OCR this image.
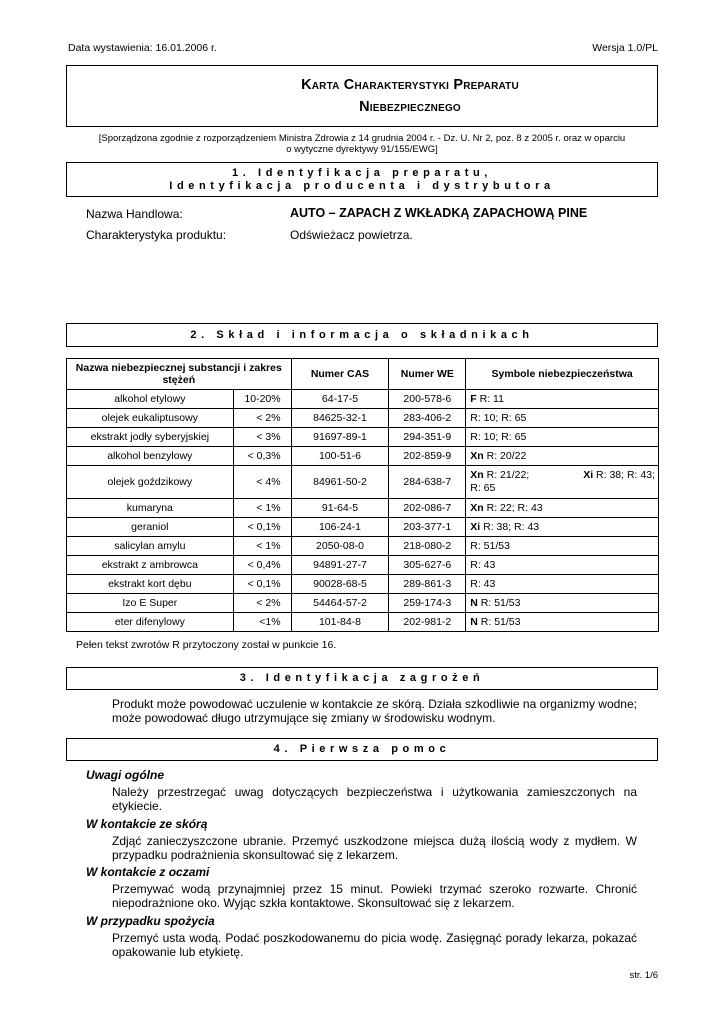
Data wystawienia: 16.01.2006 r.	Wersja 1.0/PL
Karta Charakterystyki Preparatu
Niebezpiecznego
[Sporządzona zgodnie z rozporządzeniem Ministra Zdrowia z 14 grudnia 2004 r. - Dz. U. Nr 2, poz. 8 z 2005 r. oraz w oparciu
o wytyczne dyrektywy 91/155/EWG]
1. Identyfikacja preparatu,
Identyfikacja producenta i dystrybutora
Nazwa Handlowa:	AUTO – ZAPACH Z WKŁADKĄ ZAPACHOWĄ PINE
Charakterystyka produktu:	Odświeżacz powietrza.
2. Skład i informacja o składnikach
Nazwa niebezpiecznej substancji i zakres stężeń		Numer CAS	Numer WE	Symbole niebezpieczeństwa
alkohol etylowy	10-20%	64-17-5	200-578-6	F R: 11
olejek eukaliptusowy	< 2%	84625-32-1	283-406-2	R: 10; R: 65
ekstrakt jodły syberyjskiej	< 3%	91697-89-1	294-351-9	R: 10; R: 65
alkohol benzylowy	< 0,3%	100-51-6	202-859-9	Xn R: 20/22
olejek goździkowy	< 4%	84961-50-2	284-638-7	Xn R: 21/22; Xi R: 38; R: 43;
R: 65

kumaryna	< 1%	91-64-5	202-086-7	Xn R: 22; R: 43
geraniol	< 0,1%	106-24-1	203-377-1	Xi R: 38; R: 43
salicylan amylu	< 1%	2050-08-0	218-080-2	R: 51/53
ekstrakt z ambrowca	< 0,4%	94891-27-7	305-627-6	R: 43
ekstrakt kort dębu	< 0,1%	90028-68-5	289-861-3	R: 43
Izo E Super	< 2%	54464-57-2	259-174-3	N R: 51/53
eter difenylowy	<1%	101-84-8	202-981-2	N R: 51/53
Pełen tekst zwrotów R przytoczony został w punkcie 16.
3. Identyfikacja zagrożeń
Produkt może powodować uczulenie w kontakcie ze skórą. Działa szkodliwie na organizmy wodne; może powodować długo utrzymujące się zmiany w środowisku wodnym.
4. Pierwsza pomoc
Uwagi ogólne
Należy przestrzegać uwag dotyczących bezpieczeństwa i użytkowania zamieszczonych na etykiecie.
W kontakcie ze skórą
Zdjąć zanieczyszczone ubranie. Przemyć uszkodzone miejsca dużą ilością wody z mydłem. W przypadku podrażnienia skonsultować się z lekarzem.
W kontakcie z oczami
Przemywać wodą przynajmniej przez 15 minut. Powieki trzymać szeroko rozwarte. Chronić niepodrażnione oko. Wyjąc szkła kontaktowe. Skonsultować się z lekarzem.
W przypadku spożycia
Przemyć usta wodą. Podać poszkodowanemu do picia wodę. Zasięgnąć porady lekarza, pokazać opakowanie lub etykietę.
str. 1/6
